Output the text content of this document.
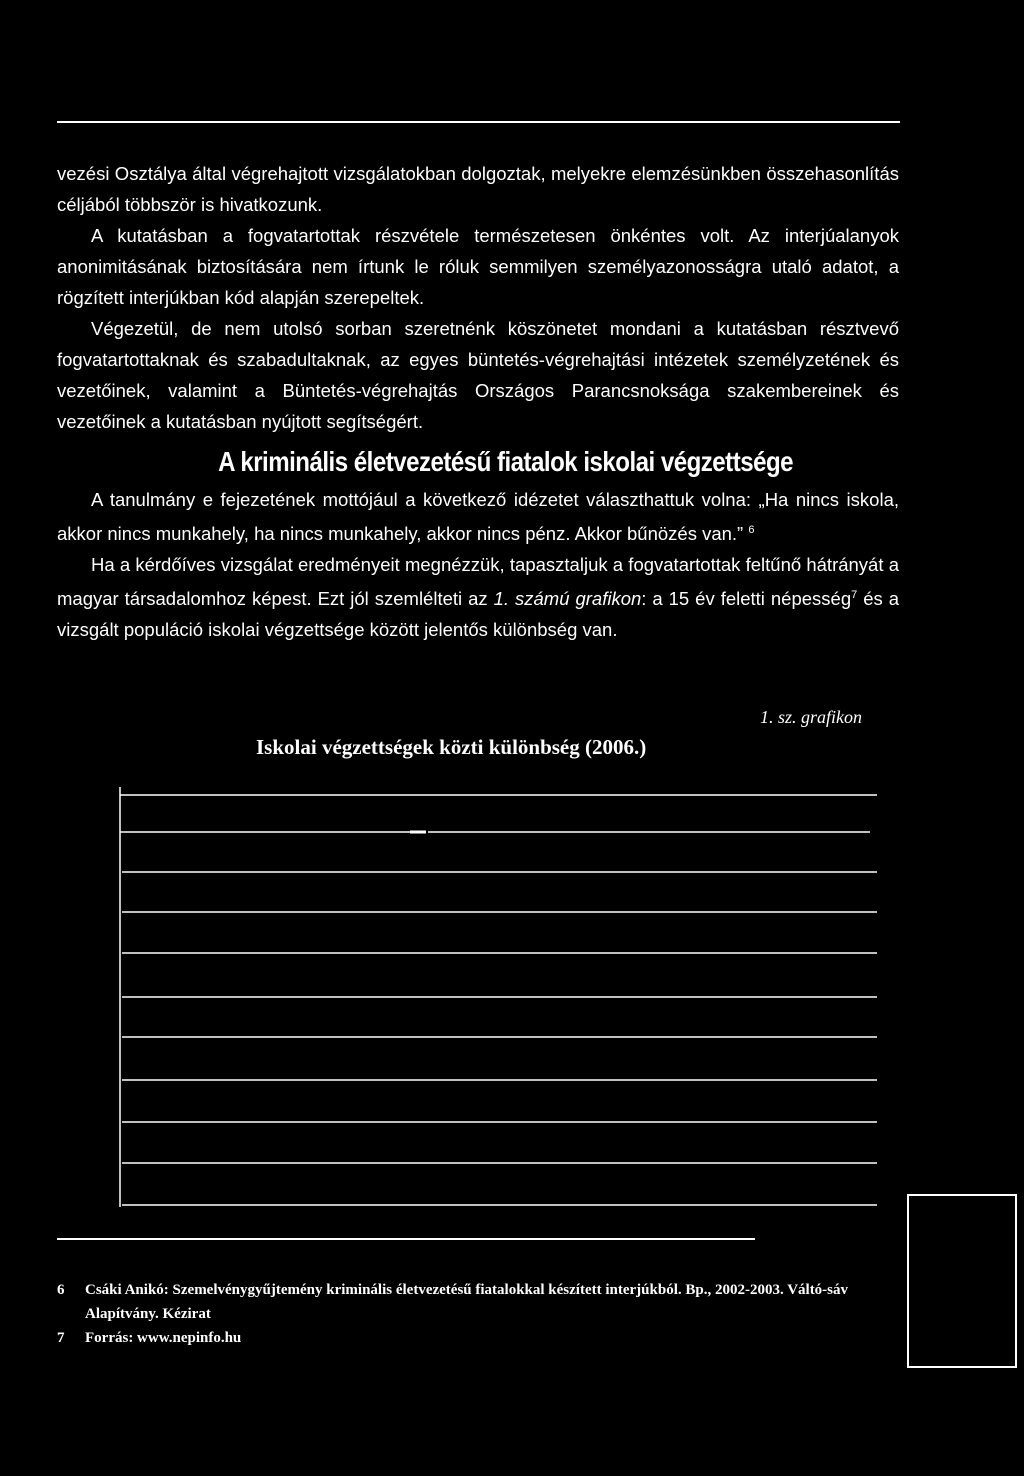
vezési Osztálya által végrehajtott vizsgálatokban dolgoztak, melyekre elemzésünkben összehasonlítás céljából többször is hivatkozunk.

A kutatásban a fogvatartottak részvétele természetesen önkéntes volt. Az interjúalanyok anonimitásának biztosítására nem írtunk le róluk semmilyen személyazonosságra utaló adatot, a rögzített interjúkban kód alapján szerepeltek.

Végezetül, de nem utolsó sorban szeretnénk köszönetet mondani a kutatásban résztvevő fogvatartottaknak és szabadultaknak, az egyes büntetés-végrehajtási intézetek személyzetének és vezetőinek, valamint a Büntetés-végrehajtás Országos Parancsnoksága szakembereinek és vezetőinek a kutatásban nyújtott segítségért.

A kriminális életvezetésű fiatalok iskolai végzettsége

A tanulmány e fejezetének mottójául a következő idézetet választhattuk volna: „Ha nincs iskola, akkor nincs munkahely, ha nincs munkahely, akkor nincs pénz. Akkor bűnözés van.” $^6$

Ha a kérdőíves vizsgálat eredményeit megnézzük, tapasztaljuk a fogvatartottak feltűnő hátrányát a magyar társadalomhoz képest. Ezt jól szemlélteti az 1. számú grafikon: a 15 év feletti népesség$^7$ és a vizsgált populáció iskolai végzettsége között jelentős különbség van.

1. sz. grafikon
Iskolai végzettségek közti különbség (2006.)
6	Csáki Anikó: Szemelvénygyűjtemény kriminális életvezetésű fiatalokkal készített interjúkból. Bp., 2002-2003. Váltó-sáv Alapítvány. Kézirat
7	Forrás: www.nepinfo.hu
